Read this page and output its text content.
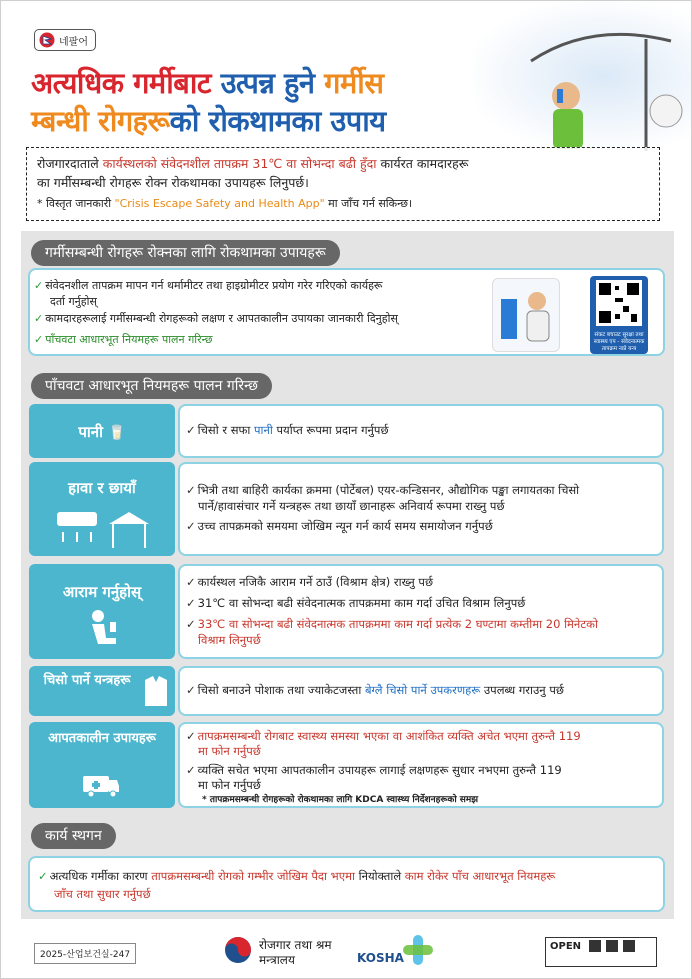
네팔어
अत्यधिक गर्मीबाट उत्पन्न हुने गर्मीस
म्बन्धी रोगहरूको रोकथामका उपाय

रोजगारदाताले कार्यस्थलको संवेदनशील तापक्रम 31℃ वा सोभन्दा बढी हुँदा कार्यरत कामदारहरू

का गर्मीसम्बन्धी रोगहरू रोक्न रोकथामका उपायहरू लिनुपर्छ।

* विस्तृत जानकारी "Crisis Escape Safety and Health App" मा जाँच गर्न सकिन्छ।

गर्मीसम्बन्धी रोगहरू रोक्नका लागि रोकथामका उपायहरू
✓ संवेदनशील तापक्रम मापन गर्न थर्मामीटर तथा हाइग्रोमीटर प्रयोग गरेर गरिएको कार्यहरू
दर्ता गर्नुहोस्
✓ कामदारहरूलाई गर्मीसम्बन्धी रोगहरूको लक्षण र आपतकालीन उपायका जानकारी दिनुहोस्
✓ पाँचवटा आधारभूत नियमहरू पालन गरिन्छ	संकट बचाउट सुरक्षा तथा स्वास्थ्य एप - संवेदनात्मक तापक्रम नाप्ने यन्त्र
पाँचवटा आधारभूत नियमहरू पालन गरिन्छ
पानी 🥛	✓ चिसो र सफा पानी पर्याप्त रूपमा प्रदान गर्नुपर्छ
हावा र छायाँ	✓ भित्री तथा बाहिरी कार्यका क्रममा (पोर्टेबल) एयर-कन्डिसनर, औद्योगिक पङ्खा लगायतका चिसो
पार्ने/हावासंचार गर्ने यन्त्रहरू तथा छायाँ छानाहरू अनिवार्य रूपमा राख्नु पर्छ
✓ उच्च तापक्रमको समयमा जोखिम न्यून गर्न कार्य समय समायोजन गर्नुपर्छ
आराम गर्नुहोस्
✓ कार्यस्थल नजिकै आराम गर्ने ठाउँ (विश्राम क्षेत्र) राख्नु पर्छ
✓ 31℃ वा सोभन्दा बढी संवेदनात्मक तापक्रममा काम गर्दा उचित विश्राम लिनुपर्छ
✓ 33℃ वा सोभन्दा बढी संवेदनात्मक तापक्रममा काम गर्दा प्रत्येक 2 घण्टामा कम्तीमा 20 मिनेटको
विश्राम लिनुपर्छ
चिसो पार्ने यन्त्रहरू
✓ चिसो बनाउने पोशाक तथा ज्याकेटजस्ता बेग्लै चिसो पार्ने उपकरणहरू उपलब्ध गराउनु पर्छ
आपतकालीन उपायहरू	✓ तापक्रमसम्बन्धी रोगबाट स्वास्थ्य समस्या भएका वा आशंकित व्यक्ति अचेत भएमा तुरुन्तै 119
मा फोन गर्नुपर्छ
✓ व्यक्ति सचेत भएमा आपतकालीन उपायहरू लागाई लक्षणहरू सुधार नभएमा तुरुन्तै 119
मा फोन गर्नुपर्छ
* तापक्रमसम्बन्धी रोगहरूको रोकथामका लागि KDCA स्वास्थ्य निर्देशनहरूको समझ
कार्य स्थगन
✓ अत्यधिक गर्मीका कारण तापक्रमसम्बन्धी रोगको गम्भीर जोखिम पैदा भएमा नियोक्ताले काम रोकेर पाँच आधारभूत नियमहरू
जाँच तथा सुधार गर्नुपर्छ
2025-산업보건실-247
रोजगार तथा श्रम
मन्त्रालय	KOSHA
OPEN
